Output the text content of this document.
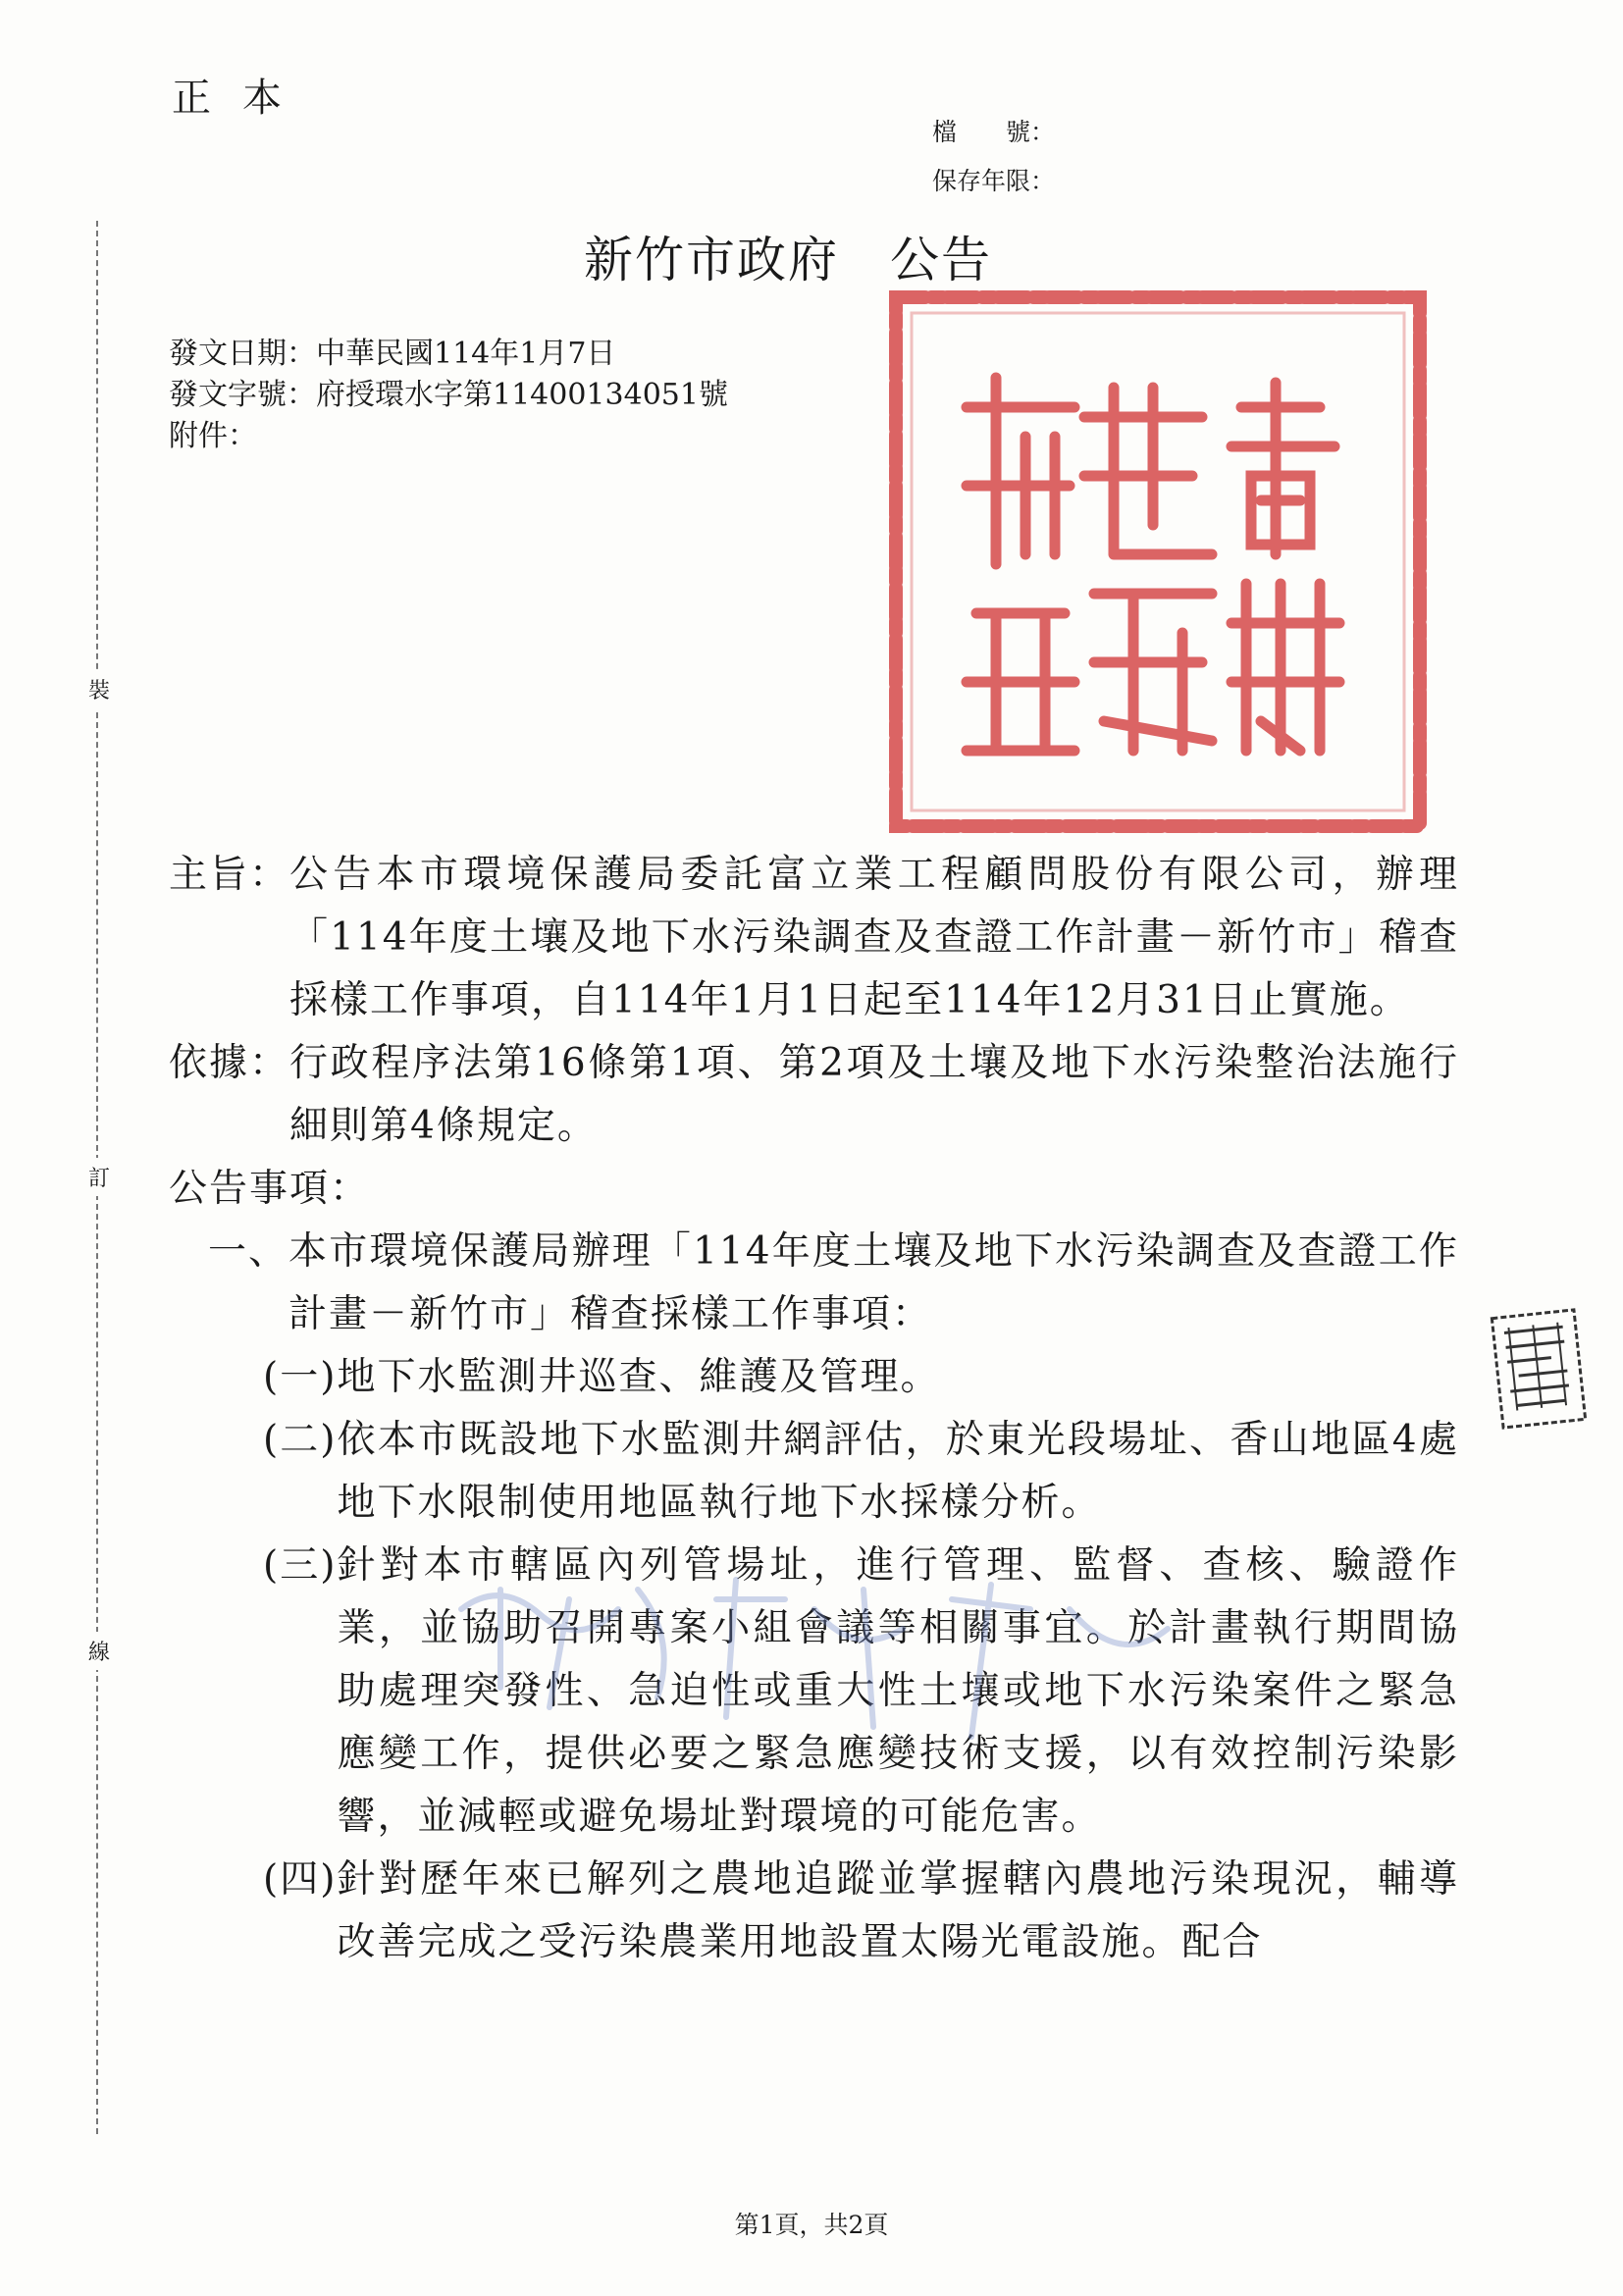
正本
檔　　號：
保存年限：
裝
訂
線
新竹市政府　公告
發文日期：中華民國114年1月7日
發文字號：府授環水字第11400134051號
附件：
主旨： 公告本市環境保護局委託富立業工程顧問股份有限公司，辦理「114年度土壤及地下水污染調查及查證工作計畫－新竹市」稽查採樣工作事項，自114年1月1日起至114年12月31日止實施。
依據： 行政程序法第16條第1項、第2項及土壤及地下水污染整治法施行細則第4條規定。
公告事項：
一、 本市環境保護局辦理「114年度土壤及地下水污染調查及查證工作計畫－新竹市」稽查採樣工作事項：
(一) 地下水監測井巡查、維護及管理。
(二) 依本市既設地下水監測井網評估，於東光段場址、香山地區4處地下水限制使用地區執行地下水採樣分析。
(三) 針對本市轄區內列管場址，進行管理、監督、查核、驗證作業，並協助召開專案小組會議等相關事宜。於計畫執行期間協助處理突發性、急迫性或重大性土壤或地下水污染案件之緊急應變工作，提供必要之緊急應變技術支援，以有效控制污染影響，並減輕或避免場址對環境的可能危害。
(四) 針對歷年來已解列之農地追蹤並掌握轄內農地污染現況，輔導改善完成之受污染農業用地設置太陽光電設施。配合
第1頁，共2頁
